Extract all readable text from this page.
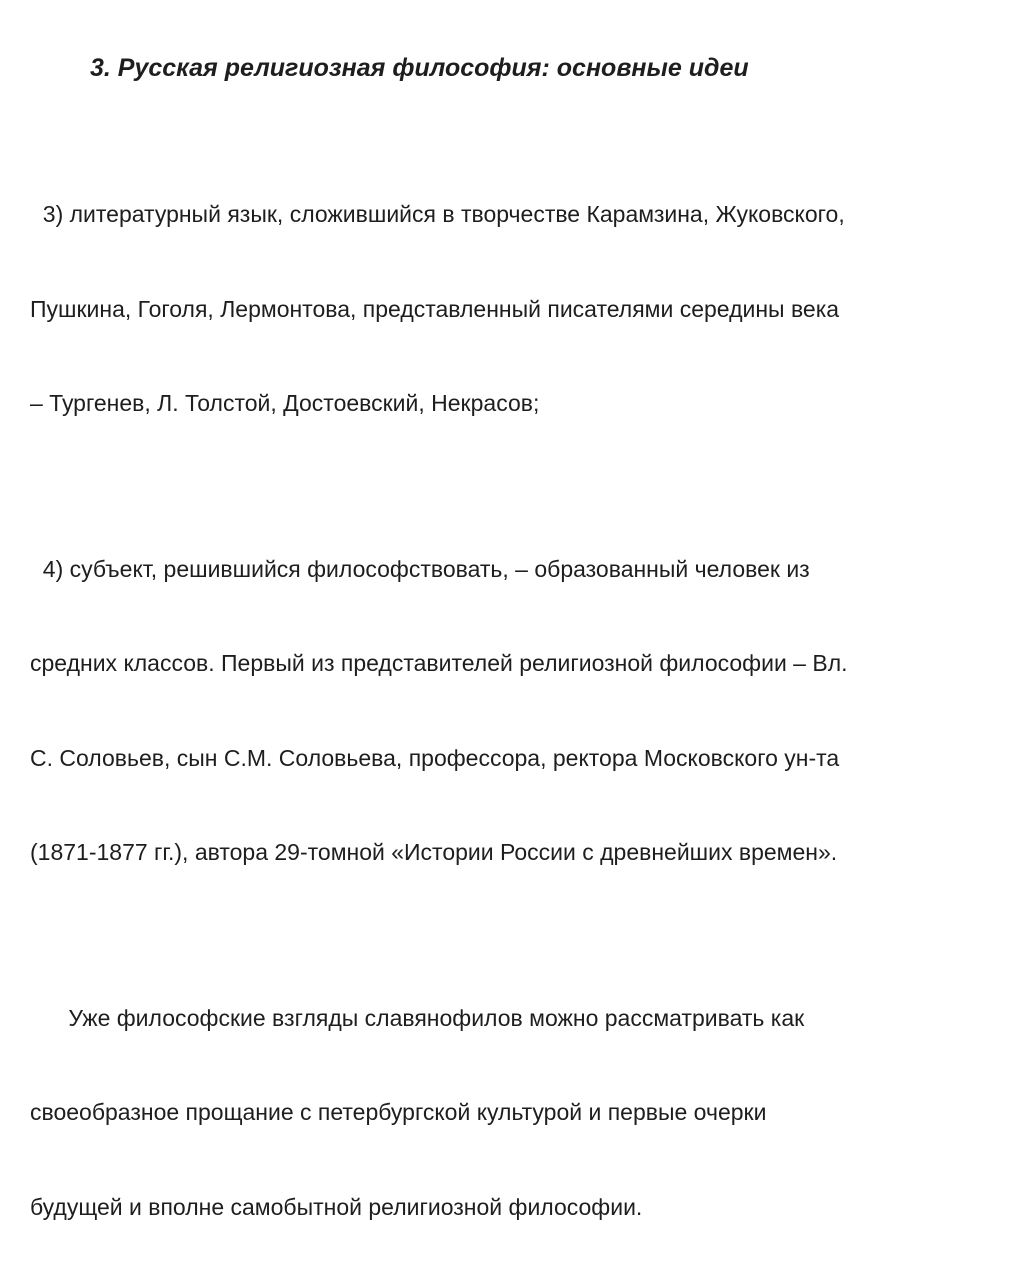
3. Русская религиозная философия: основные идеи

3) литературный язык, сложившийся в творчестве Карамзина, Жуковского,

Пушкина, Гоголя, Лермонтова, представленный писателями середины века

– Тургенев, Л. Толстой, Достоевский, Некрасов;

4) субъект, решившийся философствовать, – образованный человек из

средних классов. Первый из представителей религиозной философии – Вл.

С. Соловьев, сын С.М. Соловьева, профессора, ректора Московского ун-та

(1871-1877 гг.), автора 29-томной «Истории России с древнейших времен».

Уже философские взгляды славянофилов можно рассматривать как

своеобразное прощание с петербургской культурой и первые очерки

будущей и вполне самобытной религиозной философии.
